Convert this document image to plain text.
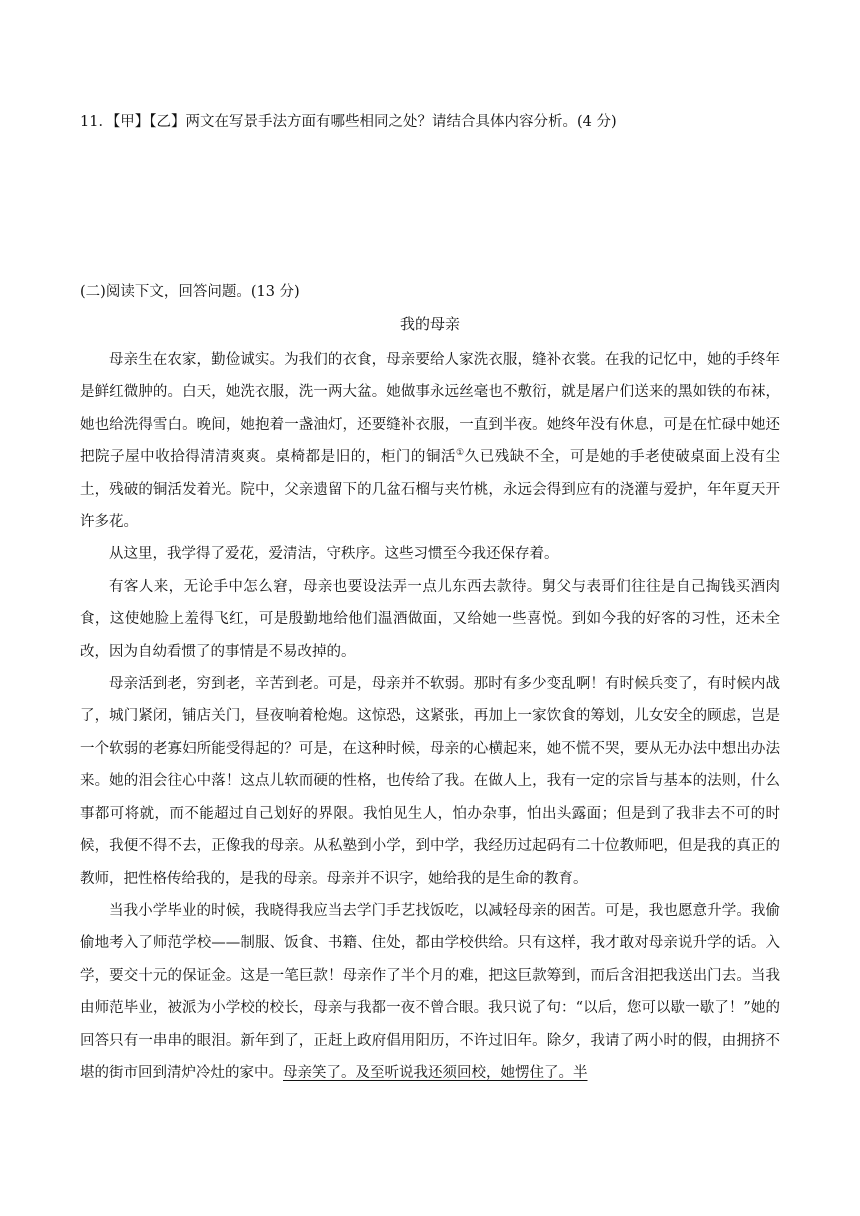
11．【甲】【乙】两文在写景手法方面有哪些相同之处？请结合具体内容分析。(4 分)
(二)阅读下文，回答问题。(13 分)
我的母亲

母亲生在农家，勤俭诚实。为我们的衣食，母亲要给人家洗衣服，缝补衣裳。在我的记忆中，她的手终年是鲜红微肿的。白天，她洗衣服，洗一两大盆。她做事永远丝毫也不敷衍，就是屠户们送来的黑如铁的布袜，她也给洗得雪白。晚间，她抱着一盏油灯，还要缝补衣服，一直到半夜。她终年没有休息，可是在忙碌中她还把院子屋中收拾得清清爽爽。桌椅都是旧的，柜门的铜活①久已残缺不全，可是她的手老使破桌面上没有尘土，残破的铜活发着光。院中，父亲遗留下的几盆石榴与夹竹桃，永远会得到应有的浇灌与爱护，年年夏天开许多花。

从这里，我学得了爱花，爱清洁，守秩序。这些习惯至今我还保存着。

有客人来，无论手中怎么窘，母亲也要设法弄一点儿东西去款待。舅父与表哥们往往是自己掏钱买酒肉食，这使她脸上羞得飞红，可是殷勤地给他们温酒做面，又给她一些喜悦。到如今我的好客的习性，还未全改，因为自幼看惯了的事情是不易改掉的。

母亲活到老，穷到老，辛苦到老。可是，母亲并不软弱。那时有多少变乱啊！有时候兵变了，有时候内战了，城门紧闭，铺店关门，昼夜响着枪炮。这惊恐，这紧张，再加上一家饮食的筹划，儿女安全的顾虑，岂是一个软弱的老寡妇所能受得起的？可是，在这种时候，母亲的心横起来，她不慌不哭，要从无办法中想出办法来。她的泪会往心中落！这点儿软而硬的性格，也传给了我。在做人上，我有一定的宗旨与基本的法则，什么事都可将就，而不能超过自己划好的界限。我怕见生人，怕办杂事，怕出头露面；但是到了我非去不可的时候，我便不得不去，正像我的母亲。从私塾到小学，到中学，我经历过起码有二十位教师吧，但是我的真正的教师，把性格传给我的，是我的母亲。母亲并不识字，她给我的是生命的教育。

当我小学毕业的时候，我晓得我应当去学门手艺找饭吃，以减轻母亲的困苦。可是，我也愿意升学。我偷偷地考入了师范学校——制服、饭食、书籍、住处，都由学校供给。只有这样，我才敢对母亲说升学的话。入学，要交十元的保证金。这是一笔巨款！母亲作了半个月的难，把这巨款筹到，而后含泪把我送出门去。当我由师范毕业，被派为小学校的校长，母亲与我都一夜不曾合眼。我只说了句：“以后，您可以歇一歇了！”她的回答只有一串串的眼泪。新年到了，正赶上政府倡用阳历，不许过旧年。除夕，我请了两小时的假，由拥挤不堪的街市回到清炉冷灶的家中。母亲笑了。及至听说我还须回校，她愣住了。半
